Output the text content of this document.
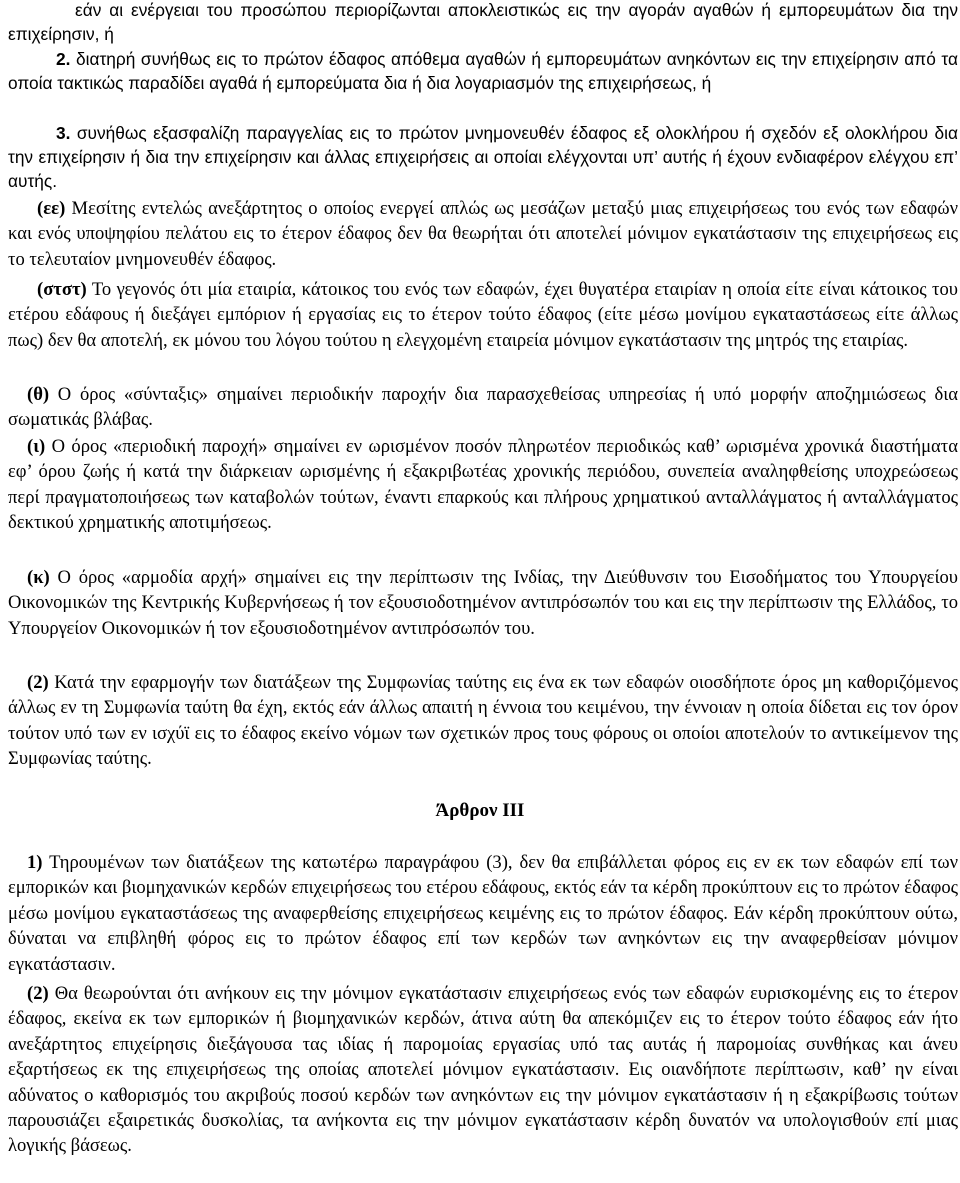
εάν αι ενέργειαι του προσώπου περιορίζωνται αποκλειστικώς εις την αγοράν αγαθών ή εμπορευμάτων δια την επιχείρησιν, ή

2. διατηρή συνήθως εις το πρώτον έδαφος απόθεμα αγαθών ή εμπορευμάτων ανηκόντων εις την επιχείρησιν από τα οποία τακτικώς παραδίδει αγαθά ή εμπορεύματα δια ή δια λογαριασμόν της επιχειρήσεως, ή

3. συνήθως εξασφαλίζη παραγγελίας εις το πρώτον μνημονευθέν έδαφος εξ ολοκλήρου ή σχεδόν εξ ολοκλήρου δια την επιχείρησιν ή δια την επιχείρησιν και άλλας επιχειρήσεις αι οποίαι ελέγχονται υπ’ αυτής ή έχουν ενδιαφέρον ελέγχου επ’ αυτής.

(εε) Μεσίτης εντελώς ανεξάρτητος ο οποίος ενεργεί απλώς ως μεσάζων μεταξύ μιας επιχειρήσεως του ενός των εδαφών και ενός υποψηφίου πελάτου εις το έτερον έδαφος δεν θα θεωρήται ότι αποτελεί μόνιμον εγκατάστασιν της επιχειρήσεως εις το τελευταίον μνημονευθέν έδαφος.

(στστ) Το γεγονός ότι μία εταιρία, κάτοικος του ενός των εδαφών, έχει θυγατέρα εταιρίαν η οποία είτε είναι κάτοικος του ετέρου εδάφους ή διεξάγει εμπόριον ή εργασίας εις το έτερον τούτο έδαφος (είτε μέσω μονίμου εγκαταστάσεως είτε άλλως πως) δεν θα αποτελή, εκ μόνου του λόγου τούτου η ελεγχομένη εταιρεία μόνιμον εγκατάστασιν της μητρός της εταιρίας.

(θ) Ο όρος «σύνταξις» σημαίνει περιοδικήν παροχήν δια παρασχεθείσας υπηρεσίας ή υπό μορφήν αποζημιώσεως δια σωματικάς βλάβας.

(ι) Ο όρος «περιοδική παροχή» σημαίνει εν ωρισμένον ποσόν πληρωτέον περιοδικώς καθ’ ωρισμένα χρονικά διαστήματα εφ’ όρου ζωής ή κατά την διάρκειαν ωρισμένης ή εξακριβωτέας χρονικής περιόδου, συνεπεία αναληφθείσης υποχρεώσεως περί πραγματοποιήσεως των καταβολών τούτων, έναντι επαρκούς και πλήρους χρηματικού ανταλλάγματος ή ανταλλάγματος δεκτικού χρηματικής αποτιμήσεως.

(κ) Ο όρος «αρμοδία αρχή» σημαίνει εις την περίπτωσιν της Ινδίας, την Διεύθυνσιν του Εισοδήματος του Υπουργείου Οικονομικών της Κεντρικής Κυβερνήσεως ή τον εξουσιοδοτημένον αντιπρόσωπόν του και εις την περίπτωσιν της Ελλάδος, το Υπουργείον Οικονομικών ή τον εξουσιοδοτημένον αντιπρόσωπόν του.

(2) Κατά την εφαρμογήν των διατάξεων της Συμφωνίας ταύτης εις ένα εκ των εδαφών οιοσδήποτε όρος μη καθοριζόμενος άλλως εν τη Συμφωνία ταύτη θα έχη, εκτός εάν άλλως απαιτή η έννοια του κειμένου, την έννοιαν η οποία δίδεται εις τον όρον τούτον υπό των εν ισχύϊ εις το έδαφος εκείνο νόμων των σχετικών προς τους φόρους οι οποίοι αποτελούν το αντικείμενον της Συμφωνίας ταύτης.

Άρθρον ΙΙΙ

1) Τηρουμένων των διατάξεων της κατωτέρω παραγράφου (3), δεν θα επιβάλλεται φόρος εις εν εκ των εδαφών επί των εμπορικών και βιομηχανικών κερδών επιχειρήσεως του ετέρου εδάφους, εκτός εάν τα κέρδη προκύπτουν εις το πρώτον έδαφος μέσω μονίμου εγκαταστάσεως της αναφερθείσης επιχειρήσεως κειμένης εις το πρώτον έδαφος. Εάν κέρδη προκύπτουν ούτω, δύναται να επιβληθή φόρος εις το πρώτον έδαφος επί των κερδών των ανηκόντων εις την αναφερθείσαν μόνιμον εγκατάστασιν.

(2) Θα θεωρούνται ότι ανήκουν εις την μόνιμον εγκατάστασιν επιχειρήσεως ενός των εδαφών ευρισκομένης εις το έτερον έδαφος, εκείνα εκ των εμπορικών ή βιομηχανικών κερδών, άτινα αύτη θα απεκόμιζεν εις το έτερον τούτο έδαφος εάν ήτο ανεξάρτητος επιχείρησις διεξάγουσα τας ιδίας ή παρομοίας εργασίας υπό τας αυτάς ή παρομοίας συνθήκας και άνευ εξαρτήσεως εκ της επιχειρήσεως της οποίας αποτελεί μόνιμον εγκατάστασιν. Εις οιανδήποτε περίπτωσιν, καθ’ ην είναι αδύνατος ο καθορισμός του ακριβούς ποσού κερδών των ανηκόντων εις την μόνιμον εγκατάστασιν ή η εξακρίβωσις τούτων παρουσιάζει εξαιρετικάς δυσκολίας, τα ανήκοντα εις την μόνιμον εγκατάστασιν κέρδη δυνατόν να υπολογισθούν επί μιας λογικής βάσεως.
